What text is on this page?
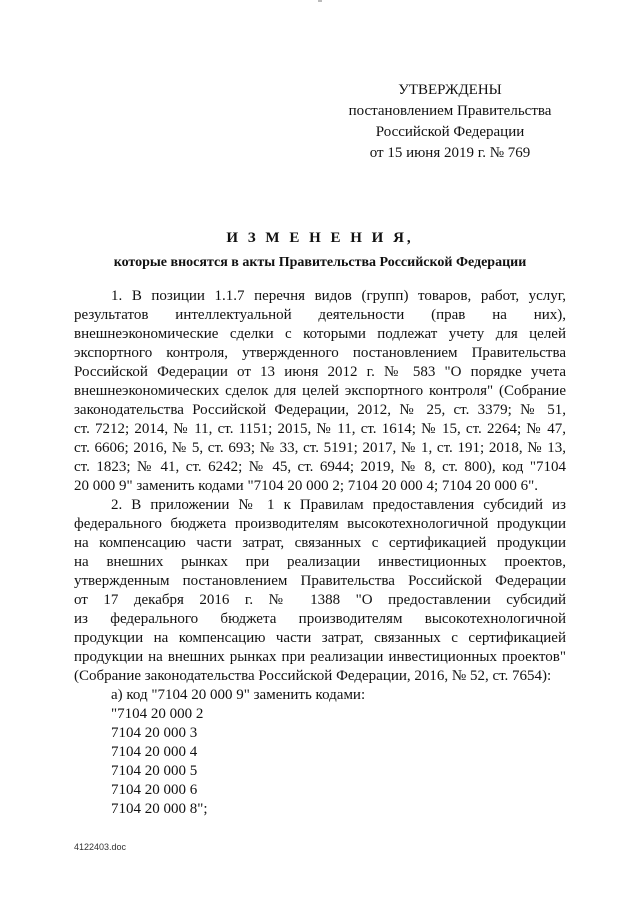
УТВЕРЖДЕНЫ
постановлением Правительства
Российской Федерации
от 15 июня 2019 г. № 769
И З М Е Н Е Н И Я,
которые вносятся в акты Правительства Российской Федерации
1. В позиции 1.1.7 перечня видов (групп) товаров, работ, услуг,
результатов интеллектуальной деятельности (прав на них),
внешнеэкономические сделки с которыми подлежат учету для целей
экспортного контроля, утвержденного постановлением Правительства
Российской Федерации от 13 июня 2012 г. № 583 "О порядке учета
внешнеэкономических сделок для целей экспортного контроля" (Собрание
законодательства Российской Федерации, 2012, № 25, ст. 3379; № 51,
ст. 7212; 2014, № 11, ст. 1151; 2015, № 11, ст. 1614; № 15, ст. 2264; № 47,
ст. 6606; 2016, № 5, ст. 693; № 33, ст. 5191; 2017, № 1, ст. 191; 2018, № 13,
ст. 1823; № 41, ст. 6242; № 45, ст. 6944; 2019, № 8, ст. 800), код "7104
20 000 9" заменить кодами "7104 20 000 2; 7104 20 000 4; 7104 20 000 6".
2. В приложении № 1 к Правилам предоставления субсидий из
федерального бюджета производителям высокотехнологичной продукции
на компенсацию части затрат, связанных с сертификацией продукции
на внешних рынках при реализации инвестиционных проектов,
утвержденным постановлением Правительства Российской Федерации
от 17 декабря 2016 г. № 1388 "О предоставлении субсидий
из федерального бюджета производителям высокотехнологичной
продукции на компенсацию части затрат, связанных с сертификацией
продукции на внешних рынках при реализации инвестиционных проектов"
(Собрание законодательства Российской Федерации, 2016, № 52, ст. 7654):
а) код "7104 20 000 9" заменить кодами:
"7104 20 000 2
7104 20 000 3
7104 20 000 4
7104 20 000 5
7104 20 000 6
7104 20 000 8";
4122403.doc
